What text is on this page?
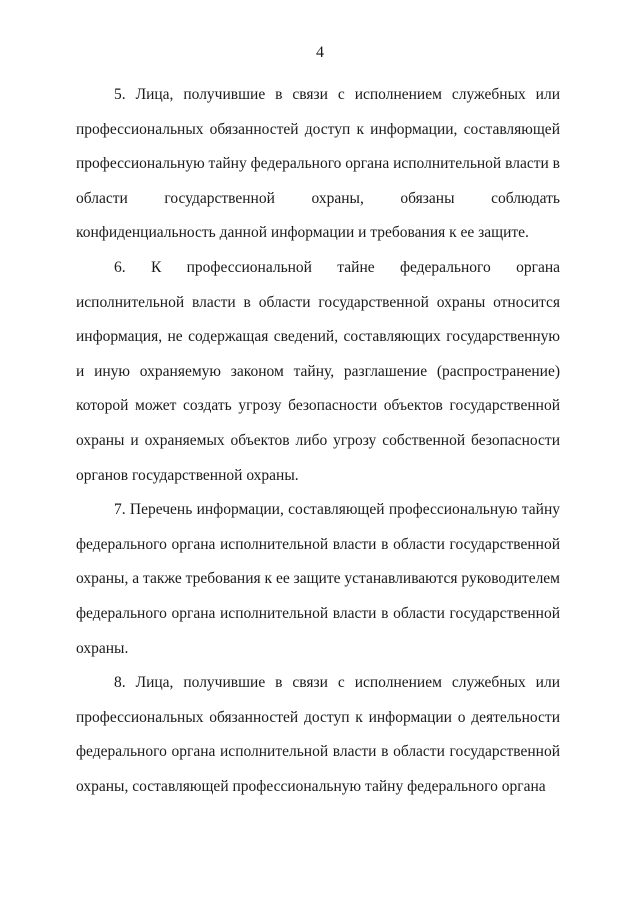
4

5. Лица, получившие в связи с исполнением служебных или профессиональных обязанностей доступ к информации, составляющей профессиональную тайну федерального органа исполнительной власти в области государственной охраны, обязаны соблюдать конфиденциальность данной информации и требования к ее защите.

6. К профессиональной тайне федерального органа исполнительной власти в области государственной охраны относится информация, не содержащая сведений, составляющих государственную и иную охраняемую законом тайну, разглашение (распространение) которой может создать угрозу безопасности объектов государственной охраны и охраняемых объектов либо угрозу собственной безопасности органов государственной охраны.

7. Перечень информации, составляющей профессиональную тайну федерального органа исполнительной власти в области государственной охраны, а также требования к ее защите устанавливаются руководителем федерального органа исполнительной власти в области государственной охраны.

8. Лица, получившие в связи с исполнением служебных или профессиональных обязанностей доступ к информации о деятельности федерального органа исполнительной власти в области государственной охраны, составляющей профессиональную тайну федерального органа
